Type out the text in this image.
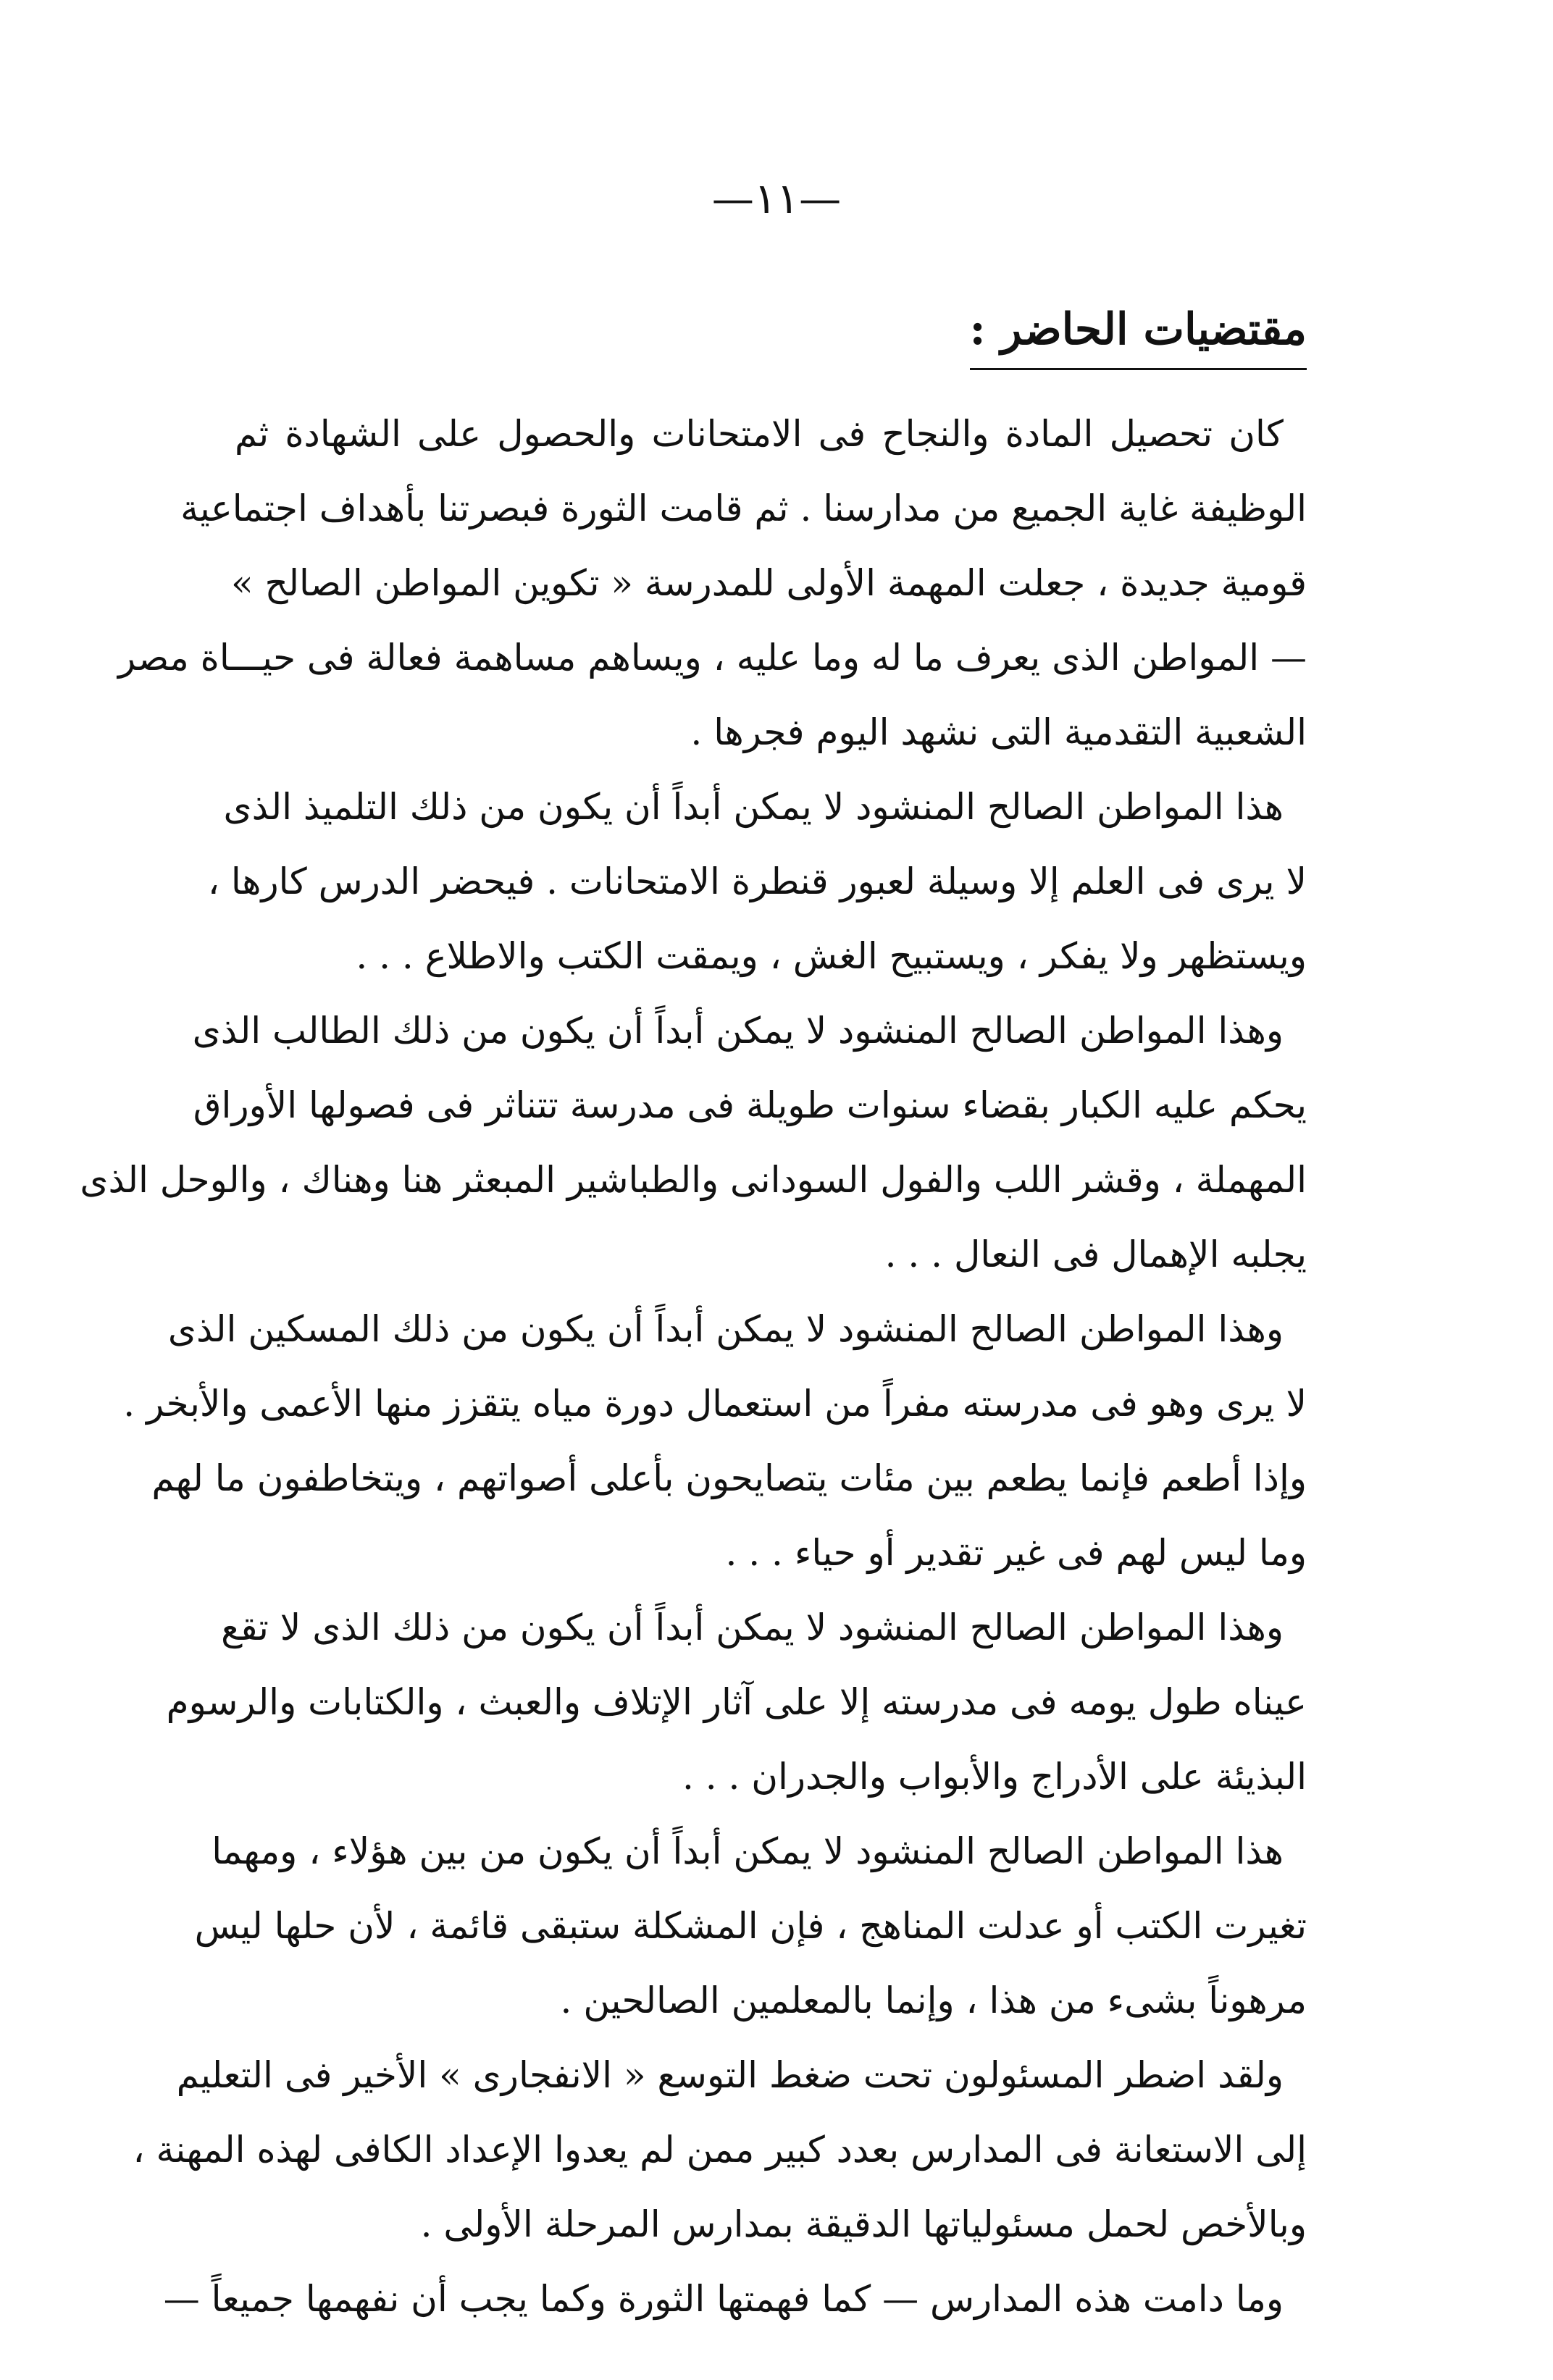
—١١—
مقتضيات الحاضر :
كان تحصيل المادة والنجاح فى الامتحانات والحصول على الشهادة ثم
الوظيفة غاية الجميع من مدارسنا . ثم قامت الثورة فبصرتنا بأهداف اجتماعية
قومية جديدة ، جعلت المهمة الأولى للمدرسة « تكوين المواطن الصالح »
— المواطن الذى يعرف ما له وما عليه ، ويساهم مساهمة فعالة فى حيـــاة مصر
الشعبية التقدمية التى نشهد اليوم فجرها .
هذا المواطن الصالح المنشود لا يمكن أبداً أن يكون من ذلك التلميذ الذى
لا يرى فى العلم إلا وسيلة لعبور قنطرة الامتحانات . فيحضر الدرس كارها ،
ويستظهر ولا يفكر ، ويستبيح الغش ، ويمقت الكتب والاطلاع . . .
وهذا المواطن الصالح المنشود لا يمكن أبداً أن يكون من ذلك الطالب الذى
يحكم عليه الكبار بقضاء سنوات طويلة فى مدرسة تتناثر فى فصولها الأوراق
المهملة ، وقشر اللب والفول السودانى والطباشير المبعثر هنا وهناك ، والوحل الذى
يجلبه الإهمال فى النعال . . .
وهذا المواطن الصالح المنشود لا يمكن أبداً أن يكون من ذلك المسكين الذى
لا يرى وهو فى مدرسته مفراً من استعمال دورة مياه يتقزز منها الأعمى والأبخر .
وإذا أطعم فإنما يطعم بين مئات يتصايحون بأعلى أصواتهم ، ويتخاطفون ما لهم
وما ليس لهم فى غير تقدير أو حياء . . .
وهذا المواطن الصالح المنشود لا يمكن أبداً أن يكون من ذلك الذى لا تقع
عيناه طول يومه فى مدرسته إلا على آثار الإتلاف والعبث ، والكتابات والرسوم
البذيئة على الأدراج والأبواب والجدران . . .
هذا المواطن الصالح المنشود لا يمكن أبداً أن يكون من بين هؤلاء ، ومهما
تغيرت الكتب أو عدلت المناهج ، فإن المشكلة ستبقى قائمة ، لأن حلها ليس
مرهوناً بشىء من هذا ، وإنما بالمعلمين الصالحين .
ولقد اضطر المسئولون تحت ضغط التوسع « الانفجارى » الأخير فى التعليم
إلى الاستعانة فى المدارس بعدد كبير ممن لم يعدوا الإعداد الكافى لهذه المهنة ،
وبالأخص لحمل مسئولياتها الدقيقة بمدارس المرحلة الأولى .
وما دامت هذه المدارس — كما فهمتها الثورة وكما يجب أن نفهمها جميعاً —
